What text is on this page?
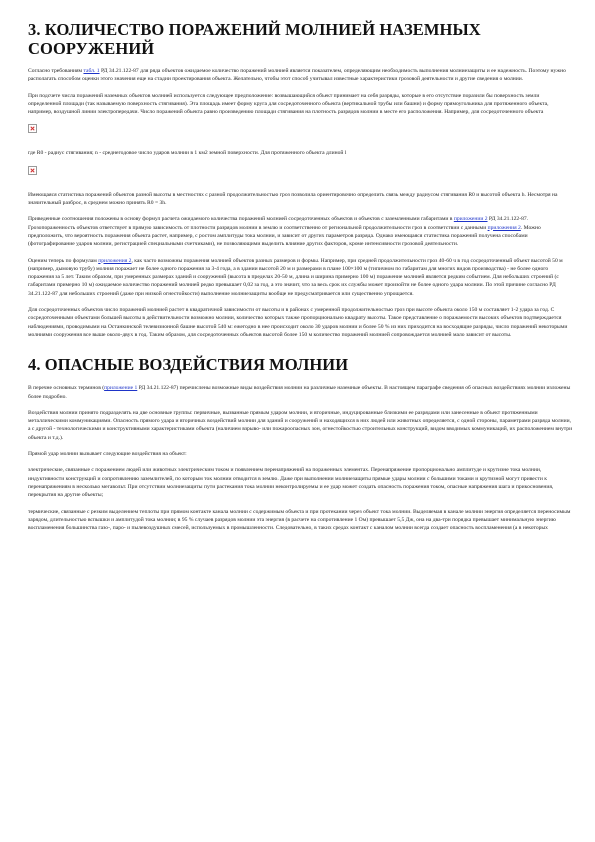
3. КОЛИЧЕСТВО ПОРАЖЕНИЙ МОЛНИЕЙ НАЗЕМНЫХ СООРУЖЕНИЙ

Согласно требованиям табл. 1 РД 34.21.122-87 для ряда объектов ожидаемое количество поражений молнией является показателем, определяющим необходимость выполнения молниезащиты и ее надежность. Поэтому нужно располагать способом оценки этого значения еще на стадии проектирования объекта. Желательно, чтобы этот способ учитывал известные характеристики грозовой деятельности и другие сведения о молнии.

При подсчете числа поражений наземных объектов молнией используется следующее предположение: возвышающийся объект принимает на себя разряды, которые в его отсутствие поразили бы поверхность земли определенной площади (так называемую поверхность стягивания). Эта площадь имеет форму круга для сосредоточенного объекта (вертикальной трубы или башни) и форму прямоугольника для протяженного объекта, например, воздушной линии электропередачи. Число поражений объекта равно произведению площади стягивания на плотность разрядов молнии в месте его расположения. Например, для сосредоточенного объекта

где R0 - радиус стягивания; n - среднегодовое число ударов молнии в 1 км2 земной поверхности. Для протяженного объекта длиной l

Имеющаяся статистика поражений объектов разной высоты в местностях с разной продолжительностью гроз позволила ориентировочно определить связь между радиусом стягивания R0 и высотой объекта h. Несмотря на значительный разброс, в среднем можно принять R0 = 3h.

Приведенные соотношения положены в основу формул расчета ожидаемого количества поражений молнией сосредоточенных объектов и объектов с заземленными габаритами в приложении 2 РД 34.21.122-87. Грозопораженность объектов ответствует в прямую зависимость от плотности разрядов молнии в землю и соответственно от региональной продолжительности гроз в соответствии с данными приложения 2. Можно предположить, что вероятность поражения объекта растет, например, с ростом амплитуды тока молнии, и зависит от других параметров разряда. Однако имеющаяся статистика поражений получена способами (фотографирование ударов молнии, регистрацией специальными счетчиками), не позволяющими выделить влияние других факторов, кроме интенсивности грозовой деятельности.

Оценим теперь по формулам приложения 2, как часто возможны поражения молнией объектов разных размеров и формы. Например, при средней продолжительности гроз 40-60 ч в год сосредоточенный объект высотой 50 м (например, дымовую трубу) молния поражает не более одного поражения за 3-4 года, а в здании высотой 20 м и размерами в плане 100×100 м (типичном по габаритам для многих видов производства) - не более одного поражения за 5 лет. Таким образом, при умеренных размерах зданий и сооружений (высота в пределах 20-50 м, длина и ширина примерно 100 м) поражение молнией является редким событием. Для небольших строений (с габаритами примерно 10 м) ожидаемое количество поражений молнией редко превышает 0,02 за год, а это значит, что за весь срок их службы может произойти не более одного удара молнии. По этой причине согласно РД 34.21.122-87 для небольших строений (даже при низкой огнестойкости) выполнение молниезащиты вообще не предусматривается или существенно упрощается.

Для сосредоточенных объектов число поражений молнией растет в квадратичной зависимости от высоты и в районах с умеренной продолжительностью гроз при высоте объекта около 150 м составляет 1-2 удара за год. С сосредоточенными объектами большей высоты в действительности возможно молнии, количество которых также пропорционально квадрату высоты. Такое представление о поражаемости высоких объектов подтверждается наблюдениями, проводимыми на Останкинской телевизионной башне высотой 540 м: ежегодно в нее происходит около 30 ударов молнии и более 50 % из них приходится на восходящие разряды, число поражений некоторыми молниями сооружения все выше около-двух в год. Таким образом, для сосредоточенных объектов высотой более 150 м количество поражений молнией сопровождается молнией мало зависит от высоты.

4. ОПАСНЫЕ ВОЗДЕЙСТВИЯ МОЛНИИ

В перечне основных терминов (приложение 1 РД 34.21.122-87) перечислены возможные виды воздействия молнии на различные наземные объекты. В настоящем параграфе сведения об опасных воздействиях молнии изложены более подробно.

Воздействия молнии принято подразделять на две основные группы: первичные, вызванные прямым ударом молнии, и вторичные, индуцированные близкими ее разрядами или занесенные в объект протяженными металлическими коммуникациями. Опасность прямого удара и вторичных воздействий молнии для зданий и сооружений и находящихся в них людей или животных определяется, с одной стороны, параметрами разряда молнии, а с другой - технологическими и конструктивными характеристиками объекта (наличием взрыво- или пожароопасных зон, огнестойкостью строительных конструкций, видом вводимых коммуникаций, их расположением внутри объекта и т.д.).

Прямой удар молнии вызывает следующие воздействия на объект:

электрические, связанные с поражением людей или животных электрическим током и появлением перенапряжений на пораженных элементах. Перенапряжение пропорционально амплитуде и крутизне тока молнии, индуктивности конструкций и сопротивлению заземлителей, по которым ток молнии отводится в землю. Даже при выполнении молниезащиты прямые удары молнии с большими токами и крутизной могут привести к перенапряжениям в несколько мегавольт. При отсутствии молниезащиты пути растекания тока молнии неконтролируемы и ее удар может создать опасность поражения током, опасные напряжения шага и прикосновения, перекрытия на другие объекты;

термические, связанные с резким выделением теплоты при прямом контакте канала молнии с содержимым объекта и при протекании через объект тока молнии. Выделяемая в канале молнии энергия определяется переносимым зарядом, длительностью вспышки и амплитудой тока молнии; в 95 % случаев разрядов молнии эта энергия (в расчете на сопротивление 1 Ом) превышает 5,5 Дж, она на два-три порядка превышает минимальную энергию воспламенения большинства газо-, паро- и пылевоздушных смесей, используемых в промышленности. Следовательно, в таких средах контакт с каналом молнии всегда создает опасность воспламенения (а в некоторых
